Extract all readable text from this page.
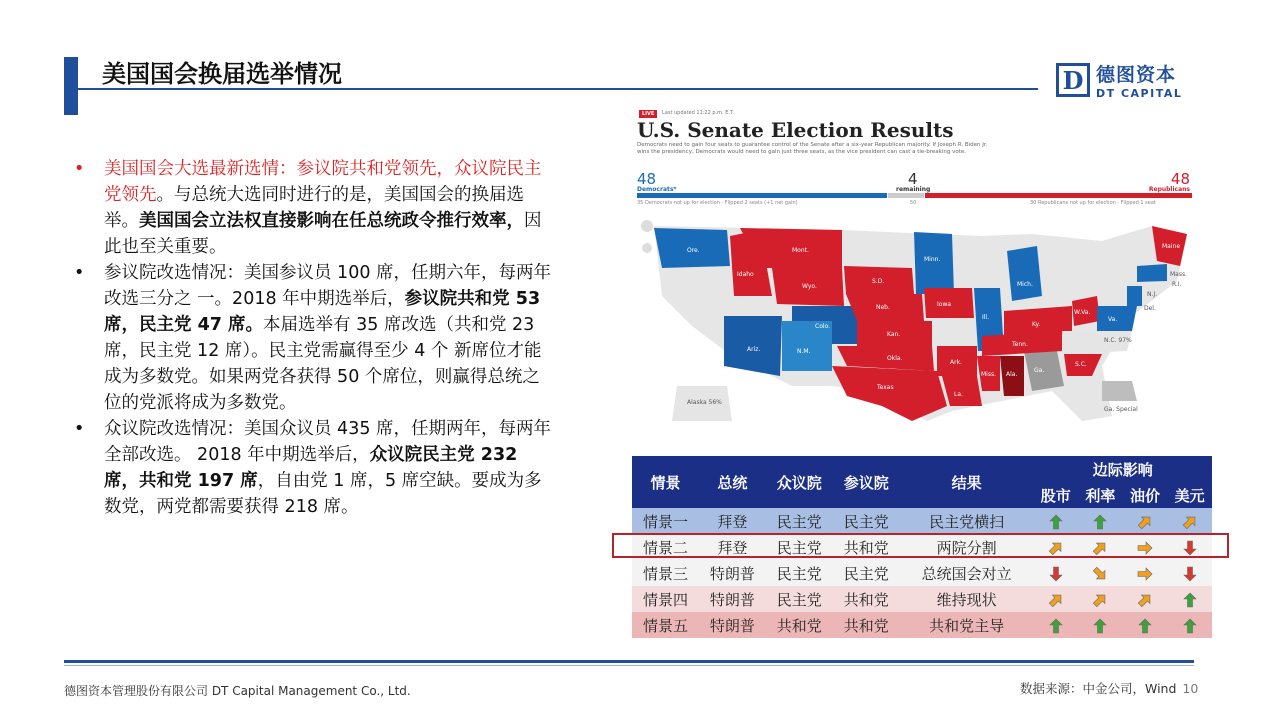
美国国会换届选举情况	D 德图资本
DT CAPITAL
•	美国国会大选最新选情：参议院共和党领先，众议院民主党领先。与总统大选同时进行的是，美国国会的换届选举。美国国会立法权直接影响在任总统政令推行效率，因此也至关重要。
•	参议院改选情况：美国参议员 100 席，任期六年，每两年改选三分之 一。2018 年中期选举后，参议院共和党 53 席，民主党 47 席。本届选举有 35 席改选（共和党 23 席，民主党 12 席）。民主党需赢得至少 4 个 新席位才能成为多数党。如果两党各获得 50 个席位，则赢得总统之位的党派将成为多数党。
•	众议院改选情况：美国众议员 435 席，任期两年，每两年全部改选。 2018 年中期选举后，众议院民主党 232 席，共和党 197 席，自由党 1 席，5 席空缺。要成为多数党，两党都需要获得 218 席。
LIVE	Last updated 11:22 p.m. E.T.
U.S. Senate Election Results
Democrats need to gain four seats to guarantee control of the Senate after a six-year Republican majority. If Joseph R. Biden Jr. wins the presidency, Democrats would need to gain just three seats, as the vice president can cast a tie-breaking vote.
48
Democrats*
4
remaining
48
Republicans
35 Democrats not up for election · Flipped 2 seats (+1 net gain)	50	30 Republicans not up for election · Flipped 1 seat
Ore.
Idaho
Mont.
Wyo.
S.D.
Minn.
Mich.
Colo.
Neb.	Iowa
Ill.
Kan.
Ariz.	N.M.
Okla.
Ark.
Texas
La.
Miss. Ala.
Ga.
Tenn.
Ky.
W.Va.
Va.
N.C. 97%
S.C.
Maine
Mass.
R.I.
N.J.
Del.
Alaska 56%
Ga. Special
情景	总统	众议院	参议院	结果	边际影响			
					股市	利率	油价	美元
情景一	拜登	民主党	民主党	民主党横扫				
情景二	拜登	民主党	共和党	两院分割				
情景三	特朗普	民主党	民主党	总统国会对立				
情景四	特朗普	民主党	共和党	维持现状				
情景五	特朗普	共和党	共和党	共和党主导				
德图资本管理股份有限公司 DT Capital Management Co., Ltd.	数据来源：中金公司，Wind 10
